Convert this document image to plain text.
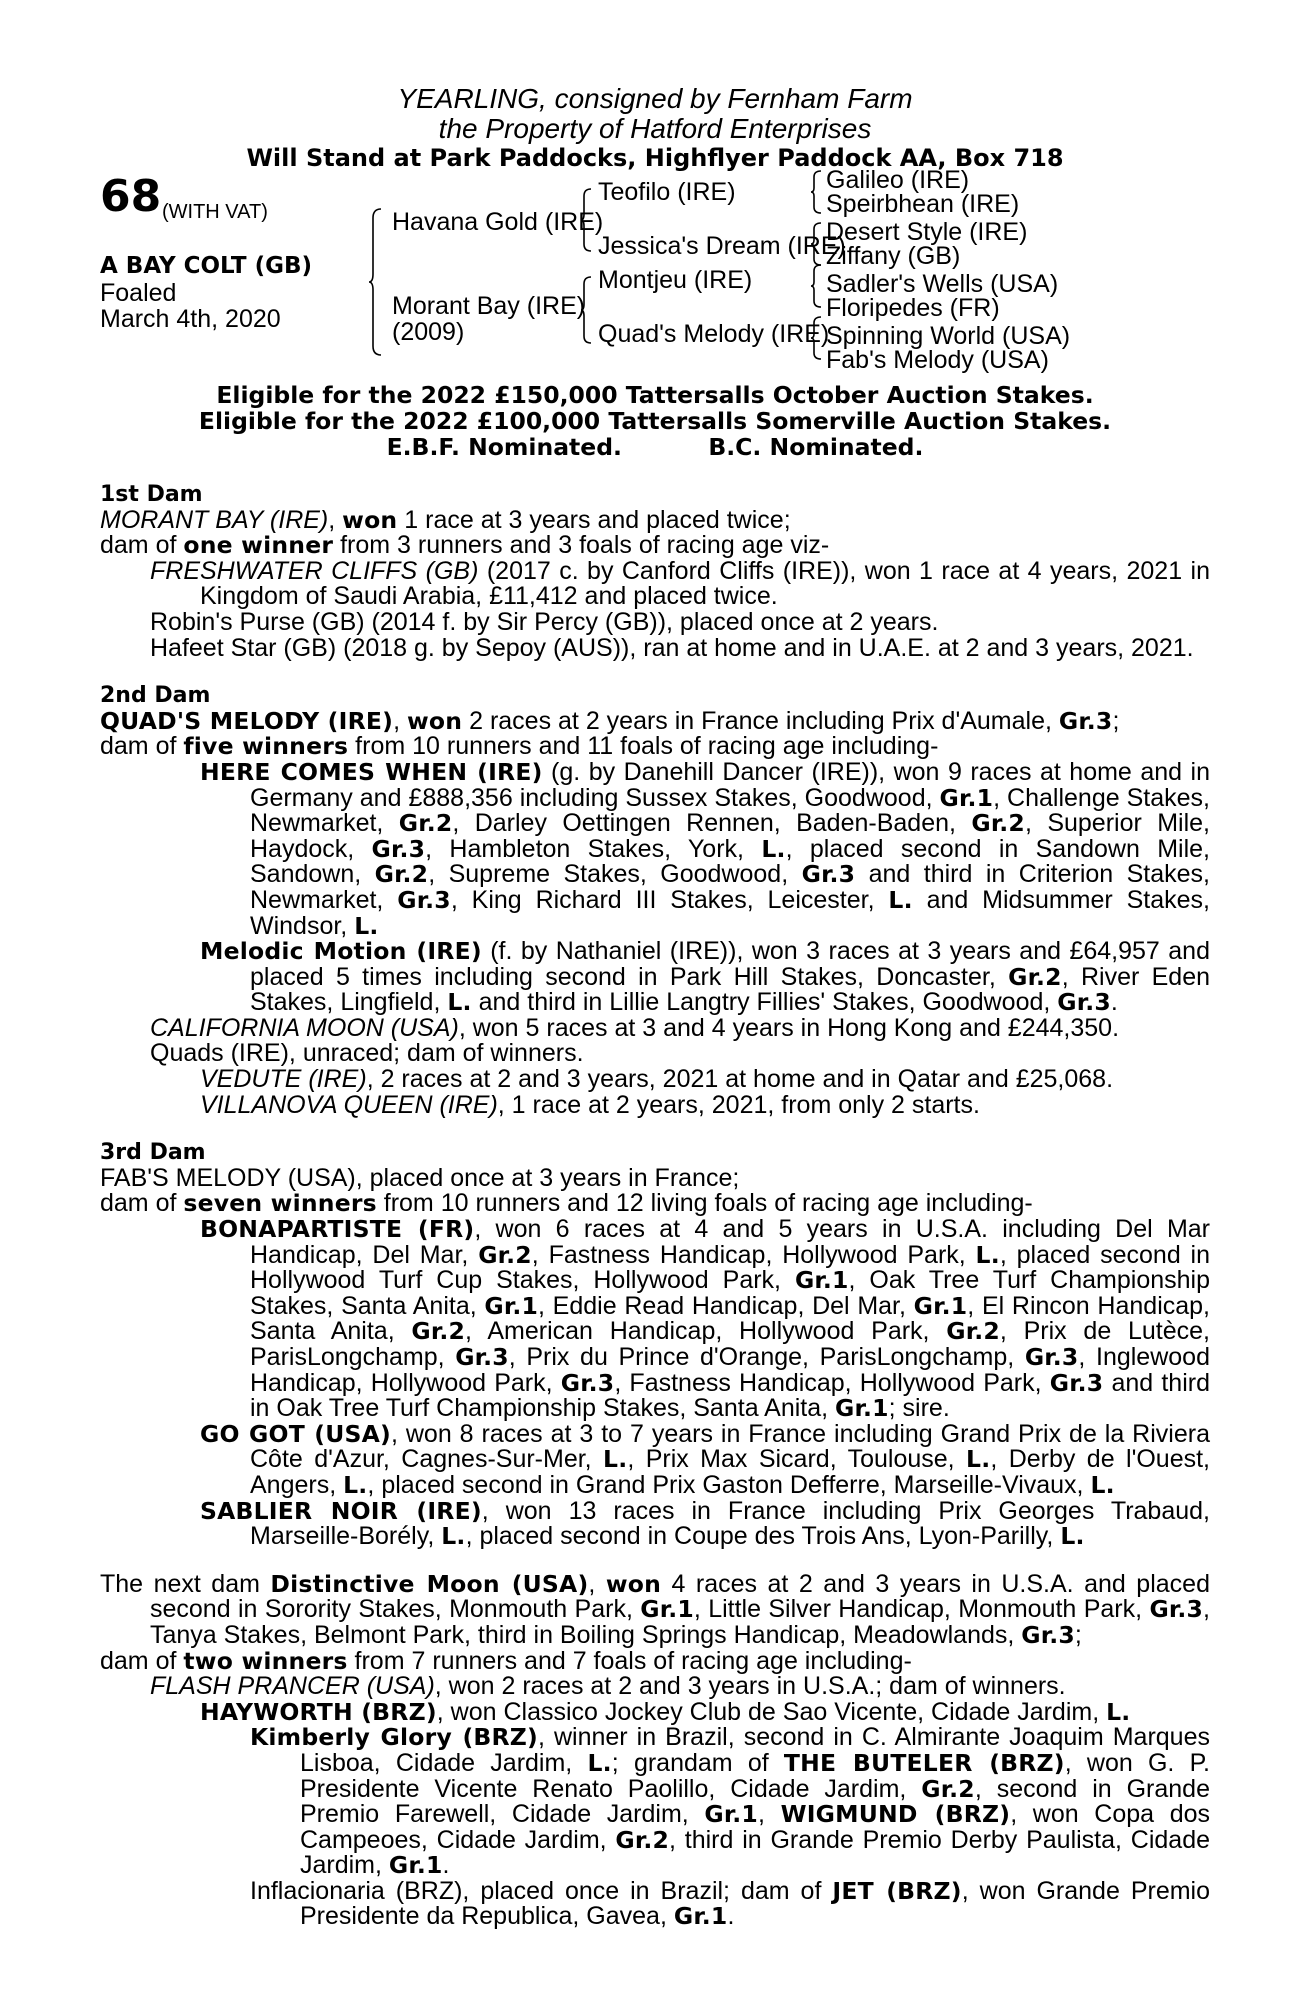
YEARLING, consigned by Fernham Farm
the Property of Hatford Enterprises
Will Stand at Park Paddocks, Highflyer Paddock AA, Box 718
68 (WITH VAT)
A BAY COLT (GB)
Foaled
March 4th, 2020
Havana Gold (IRE)
Morant Bay (IRE)
(2009)
Teofilo (IRE)
Jessica's Dream (IRE)
Montjeu (IRE)
Quad's Melody (IRE)
Galileo (IRE)
Speirbhean (IRE)
Desert Style (IRE)
Ziffany (GB)
Sadler's Wells (USA)
Floripedes (FR)
Spinning World (USA)
Fab's Melody (USA)
Eligible for the 2022 £150,000 Tattersalls October Auction Stakes.
Eligible for the 2022 £100,000 Tattersalls Somerville Auction Stakes.
E.B.F. Nominated.	B.C. Nominated.
1st Dam

MORANT BAY (IRE), won 1 race at 3 years and placed twice;

dam of one winner from 3 runners and 3 foals of racing age viz-

FRESHWATER CLIFFS (GB) (2017 c. by Canford Cliffs (IRE)), won 1 race at 4 years, 2021 in Kingdom of Saudi Arabia, £11,412 and placed twice.

Robin's Purse (GB) (2014 f. by Sir Percy (GB)), placed once at 2 years.

Hafeet Star (GB) (2018 g. by Sepoy (AUS)), ran at home and in U.A.E. at 2 and 3 years, 2021.

2nd Dam

QUAD'S MELODY (IRE), won 2 races at 2 years in France including Prix d'Aumale, Gr.3;

dam of five winners from 10 runners and 11 foals of racing age including-

HERE COMES WHEN (IRE) (g. by Danehill Dancer (IRE)), won 9 races at home and in Germany and £888,356 including Sussex Stakes, Goodwood, Gr.1, Challenge Stakes, Newmarket, Gr.2, Darley Oettingen Rennen, Baden-Baden, Gr.2, Superior Mile, Haydock, Gr.3, Hambleton Stakes, York, L., placed second in Sandown Mile, Sandown, Gr.2, Supreme Stakes, Goodwood, Gr.3 and third in Criterion Stakes, Newmarket, Gr.3, King Richard III Stakes, Leicester, L. and Midsummer Stakes, Windsor, L.

Melodic Motion (IRE) (f. by Nathaniel (IRE)), won 3 races at 3 years and £64,957 and placed 5 times including second in Park Hill Stakes, Doncaster, Gr.2, River Eden Stakes, Lingfield, L. and third in Lillie Langtry Fillies' Stakes, Goodwood, Gr.3.

CALIFORNIA MOON (USA), won 5 races at 3 and 4 years in Hong Kong and £244,350.

Quads (IRE), unraced; dam of winners.

VEDUTE (IRE), 2 races at 2 and 3 years, 2021 at home and in Qatar and £25,068.

VILLANOVA QUEEN (IRE), 1 race at 2 years, 2021, from only 2 starts.

3rd Dam

FAB'S MELODY (USA), placed once at 3 years in France;

dam of seven winners from 10 runners and 12 living foals of racing age including-

BONAPARTISTE (FR), won 6 races at 4 and 5 years in U.S.A. including Del Mar Handicap, Del Mar, Gr.2, Fastness Handicap, Hollywood Park, L., placed second in Hollywood Turf Cup Stakes, Hollywood Park, Gr.1, Oak Tree Turf Championship Stakes, Santa Anita, Gr.1, Eddie Read Handicap, Del Mar, Gr.1, El Rincon Handicap, Santa Anita, Gr.2, American Handicap, Hollywood Park, Gr.2, Prix de Lutèce, ParisLongchamp, Gr.3, Prix du Prince d'Orange, ParisLongchamp, Gr.3, Inglewood Handicap, Hollywood Park, Gr.3, Fastness Handicap, Hollywood Park, Gr.3 and third in Oak Tree Turf Championship Stakes, Santa Anita, Gr.1; sire.

GO GOT (USA), won 8 races at 3 to 7 years in France including Grand Prix de la Riviera Côte d'Azur, Cagnes-Sur-Mer, L., Prix Max Sicard, Toulouse, L., Derby de l'Ouest, Angers, L., placed second in Grand Prix Gaston Defferre, Marseille-Vivaux, L.

SABLIER NOIR (IRE), won 13 races in France including Prix Georges Trabaud, Marseille-Borély, L., placed second in Coupe des Trois Ans, Lyon-Parilly, L.

The next dam Distinctive Moon (USA), won 4 races at 2 and 3 years in U.S.A. and placed second in Sorority Stakes, Monmouth Park, Gr.1, Little Silver Handicap, Monmouth Park, Gr.3, Tanya Stakes, Belmont Park, third in Boiling Springs Handicap, Meadowlands, Gr.3;

dam of two winners from 7 runners and 7 foals of racing age including-

FLASH PRANCER (USA), won 2 races at 2 and 3 years in U.S.A.; dam of winners.

HAYWORTH (BRZ), won Classico Jockey Club de Sao Vicente, Cidade Jardim, L.

Kimberly Glory (BRZ), winner in Brazil, second in C. Almirante Joaquim Marques Lisboa, Cidade Jardim, L.; grandam of THE BUTELER (BRZ), won G. P. Presidente Vicente Renato Paolillo, Cidade Jardim, Gr.2, second in Grande Premio Farewell, Cidade Jardim, Gr.1, WIGMUND (BRZ), won Copa dos Campeoes, Cidade Jardim, Gr.2, third in Grande Premio Derby Paulista, Cidade Jardim, Gr.1.

Inflacionaria (BRZ), placed once in Brazil; dam of JET (BRZ), won Grande Premio Presidente da Republica, Gavea, Gr.1.
